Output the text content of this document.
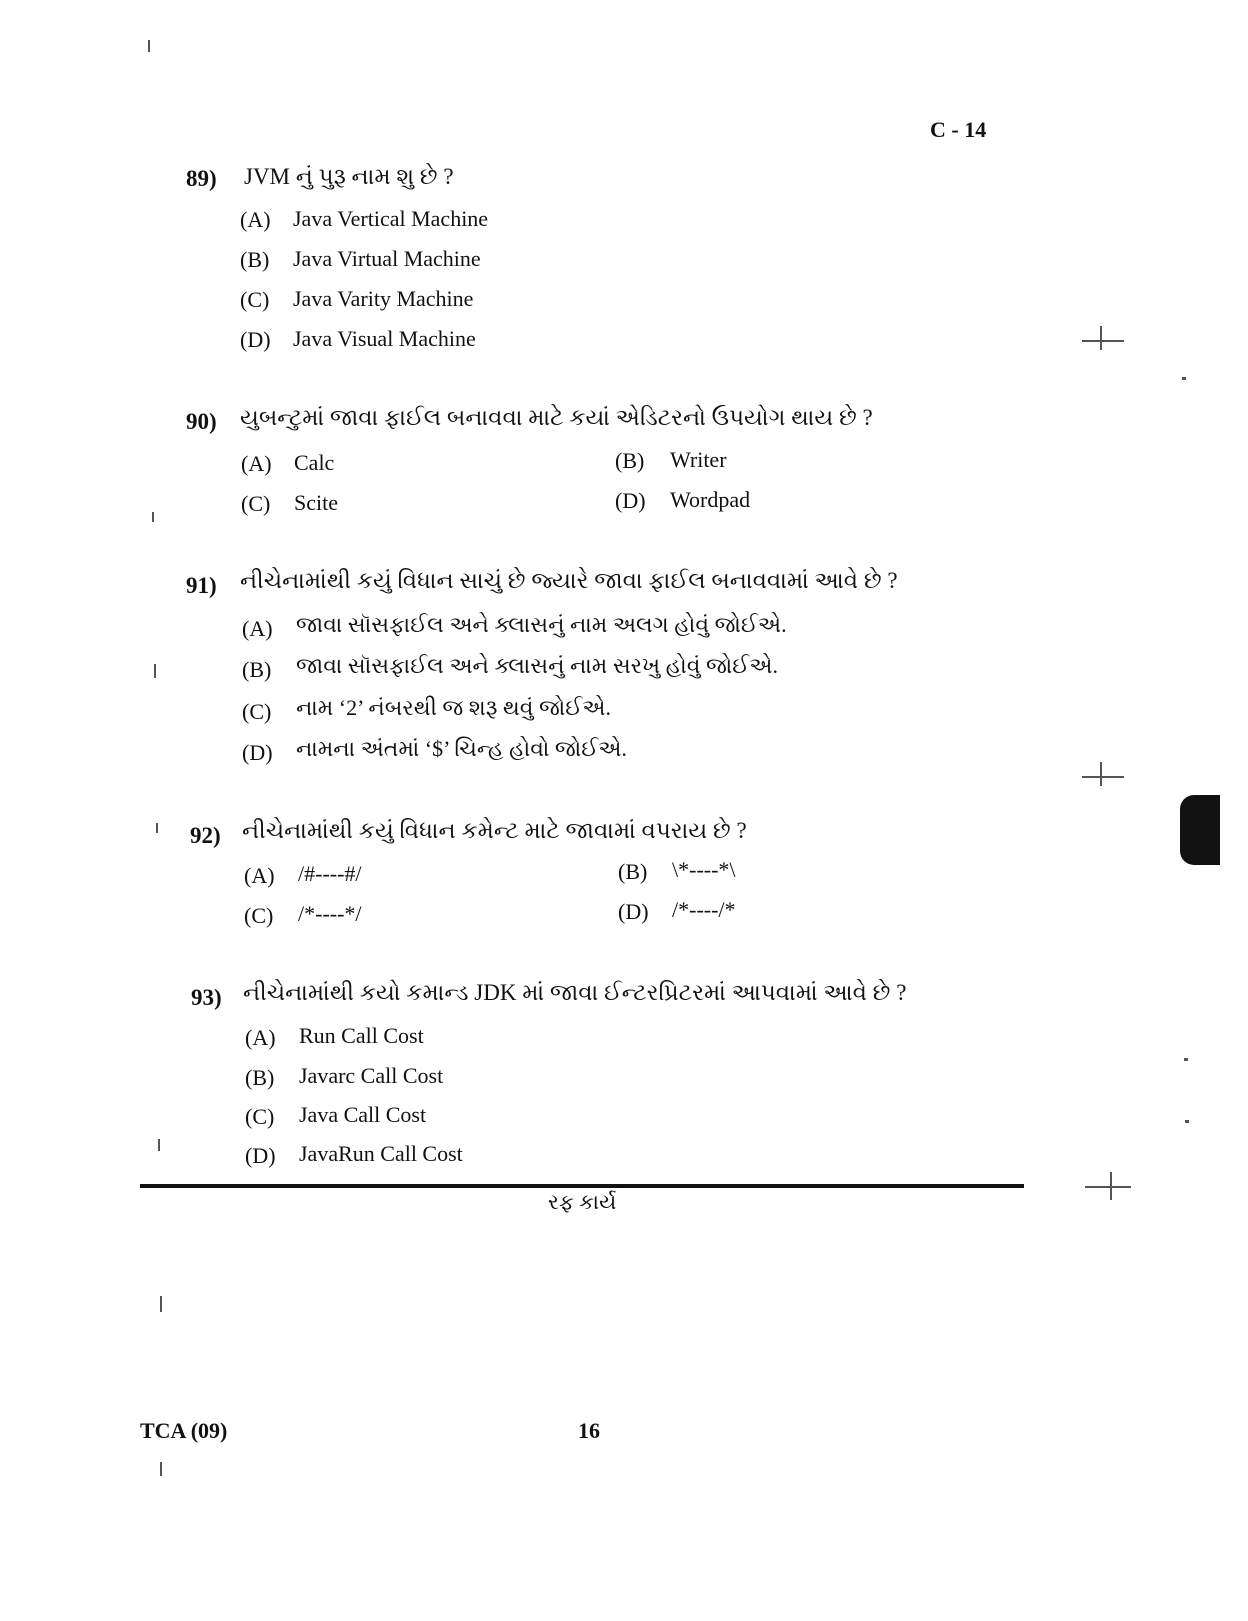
C - 14
89) JVM નું પુરૂ નામ શુ છે ?
(A) Java Vertical Machine
(B) Java Virtual Machine
(C) Java Varity Machine
(D) Java Visual Machine
90) યુબન્ટુમાં જાવા ફાઈલ બનાવવા માટે કયાં એડિટરનો ઉપયોગ થાય છે ?
(A) Calc	(B) Writer
(C) Scite	(D) Wordpad
91) નીચેનામાંથી કયું વિધાન સાચું છે જ્યારે જાવા ફાઈલ બનાવવામાં આવે છે ?
(A) જાવા સૉસફાઈલ અને ક્લાસનું નામ અલગ હોવું જોઈએ.
(B) જાવા સૉસફાઈલ અને ક્લાસનું નામ સરખુ હોવું જોઈએ.
(C) નામ ‘2’ નંબરથી જ શરૂ થવું જોઈએ.
(D) નામના અંતમાં ‘$’ ચિન્હ હોવો જોઈએ.
92) નીચેનામાંથી કયું વિધાન કમેન્ટ માટે જાવામાં વપરાય છે ?
(A) /#----#/	(B) \*----*\
(C) /*----*/	(D) /*----/*
93) નીચેનામાંથી કયો કમાન્ડ JDK માં જાવા ઈન્ટરપ્રિટરમાં આપવામાં આવે છે ?
(A) Run Call Cost
(B) Javarc Call Cost
(C) Java Call Cost
(D) JavaRun Call Cost
રફ કાર્ય
TCA (09)	16
